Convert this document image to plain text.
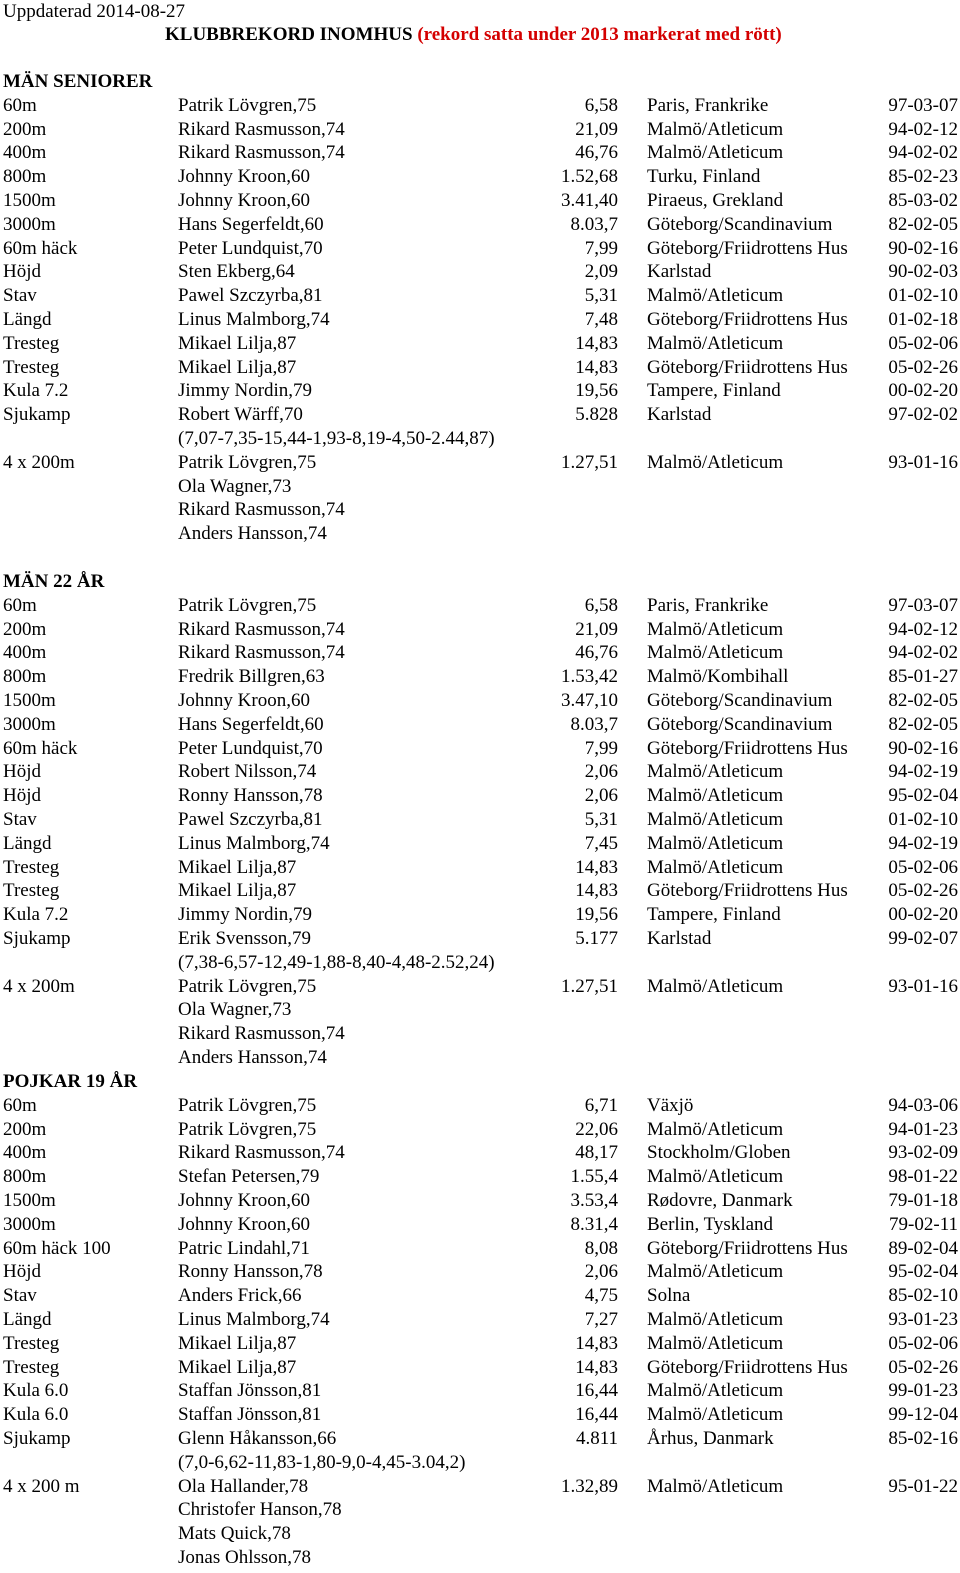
Uppdaterad 2014-08-27
KLUBBREKORD INOMHUS (rekord satta under 2013 markerat med rött)
MÄN SENIORER
60m	Patrik Lövgren,75	6,58 Paris, Frankrike	97-03-07
200m	Rikard Rasmusson,74	21,09 Malmö/Atleticum	94-02-12
400m	Rikard Rasmusson,74	46,76 Malmö/Atleticum	94-02-02
800m	Johnny Kroon,60	1.52,68 Turku, Finland	85-02-23
1500m	Johnny Kroon,60	3.41,40 Piraeus, Grekland	85-03-02
3000m	Hans Segerfeldt,60	8.03,7 Göteborg/Scandinavium	82-02-05
60m häck	Peter Lundquist,70	7,99 Göteborg/Friidrottens Hus 90-02-16
Höjd	Sten Ekberg,64	2,09 Karlstad	90-02-03
Stav	Pawel Szczyrba,81	5,31 Malmö/Atleticum	01-02-10
Längd	Linus Malmborg,74	7,48 Göteborg/Friidrottens Hus 01-02-18
Tresteg	Mikael Lilja,87	14,83 Malmö/Atleticum	05-02-06
Tresteg	Mikael Lilja,87	14,83 Göteborg/Friidrottens Hus 05-02-26
Kula 7.2	Jimmy Nordin,79	19,56 Tampere, Finland	00-02-20
Sjukamp	Robert Wärff,70	5.828 Karlstad	97-02-02
(7,07-7,35-15,44-1,93-8,19-4,50-2.44,87)
4 x 200m	Patrik Lövgren,75	1.27,51 Malmö/Atleticum	93-01-16
Ola Wagner,73
Rikard Rasmusson,74
Anders Hansson,74
MÄN 22 ÅR
60m	Patrik Lövgren,75	6,58 Paris, Frankrike	97-03-07
200m	Rikard Rasmusson,74	21,09 Malmö/Atleticum	94-02-12
400m	Rikard Rasmusson,74	46,76 Malmö/Atleticum	94-02-02
800m	Fredrik Billgren,63	1.53,42 Malmö/Kombihall	85-01-27
1500m	Johnny Kroon,60	3.47,10 Göteborg/Scandinavium	82-02-05
3000m	Hans Segerfeldt,60	8.03,7 Göteborg/Scandinavium	82-02-05
60m häck	Peter Lundquist,70	7,99 Göteborg/Friidrottens Hus 90-02-16
Höjd	Robert Nilsson,74	2,06 Malmö/Atleticum	94-02-19
Höjd	Ronny Hansson,78	2,06 Malmö/Atleticum	95-02-04
Stav	Pawel Szczyrba,81	5,31 Malmö/Atleticum	01-02-10
Längd	Linus Malmborg,74	7,45 Malmö/Atleticum	94-02-19
Tresteg	Mikael Lilja,87	14,83 Malmö/Atleticum	05-02-06
Tresteg	Mikael Lilja,87	14,83 Göteborg/Friidrottens Hus 05-02-26
Kula 7.2	Jimmy Nordin,79	19,56 Tampere, Finland	00-02-20
Sjukamp	Erik Svensson,79	5.177 Karlstad	99-02-07
(7,38-6,57-12,49-1,88-8,40-4,48-2.52,24)
4 x 200m	Patrik Lövgren,75	1.27,51 Malmö/Atleticum	93-01-16
Ola Wagner,73
Rikard Rasmusson,74
Anders Hansson,74
POJKAR 19 ÅR
60m	Patrik Lövgren,75	6,71 Växjö	94-03-06
200m	Patrik Lövgren,75	22,06 Malmö/Atleticum	94-01-23
400m	Rikard Rasmusson,74	48,17 Stockholm/Globen	93-02-09
800m	Stefan Petersen,79	1.55,4 Malmö/Atleticum	98-01-22
1500m	Johnny Kroon,60	3.53,4 Rødovre, Danmark	79-01-18
3000m	Johnny Kroon,60	8.31,4 Berlin, Tyskland	79-02-11
60m häck 100	Patric Lindahl,71	8,08 Göteborg/Friidrottens Hus 89-02-04
Höjd	Ronny Hansson,78	2,06 Malmö/Atleticum	95-02-04
Stav	Anders Frick,66	4,75 Solna	85-02-10
Längd	Linus Malmborg,74	7,27 Malmö/Atleticum	93-01-23
Tresteg	Mikael Lilja,87	14,83 Malmö/Atleticum	05-02-06
Tresteg	Mikael Lilja,87	14,83 Göteborg/Friidrottens Hus 05-02-26
Kula 6.0	Staffan Jönsson,81	16,44 Malmö/Atleticum	99-01-23
Kula 6.0	Staffan Jönsson,81	16,44 Malmö/Atleticum	99-12-04
Sjukamp	Glenn Håkansson,66	4.811 Århus, Danmark	85-02-16
(7,0-6,62-11,83-1,80-9,0-4,45-3.04,2)
4 x 200 m	Ola Hallander,78	1.32,89 Malmö/Atleticum	95-01-22
Christofer Hanson,78
Mats Quick,78
Jonas Ohlsson,78
